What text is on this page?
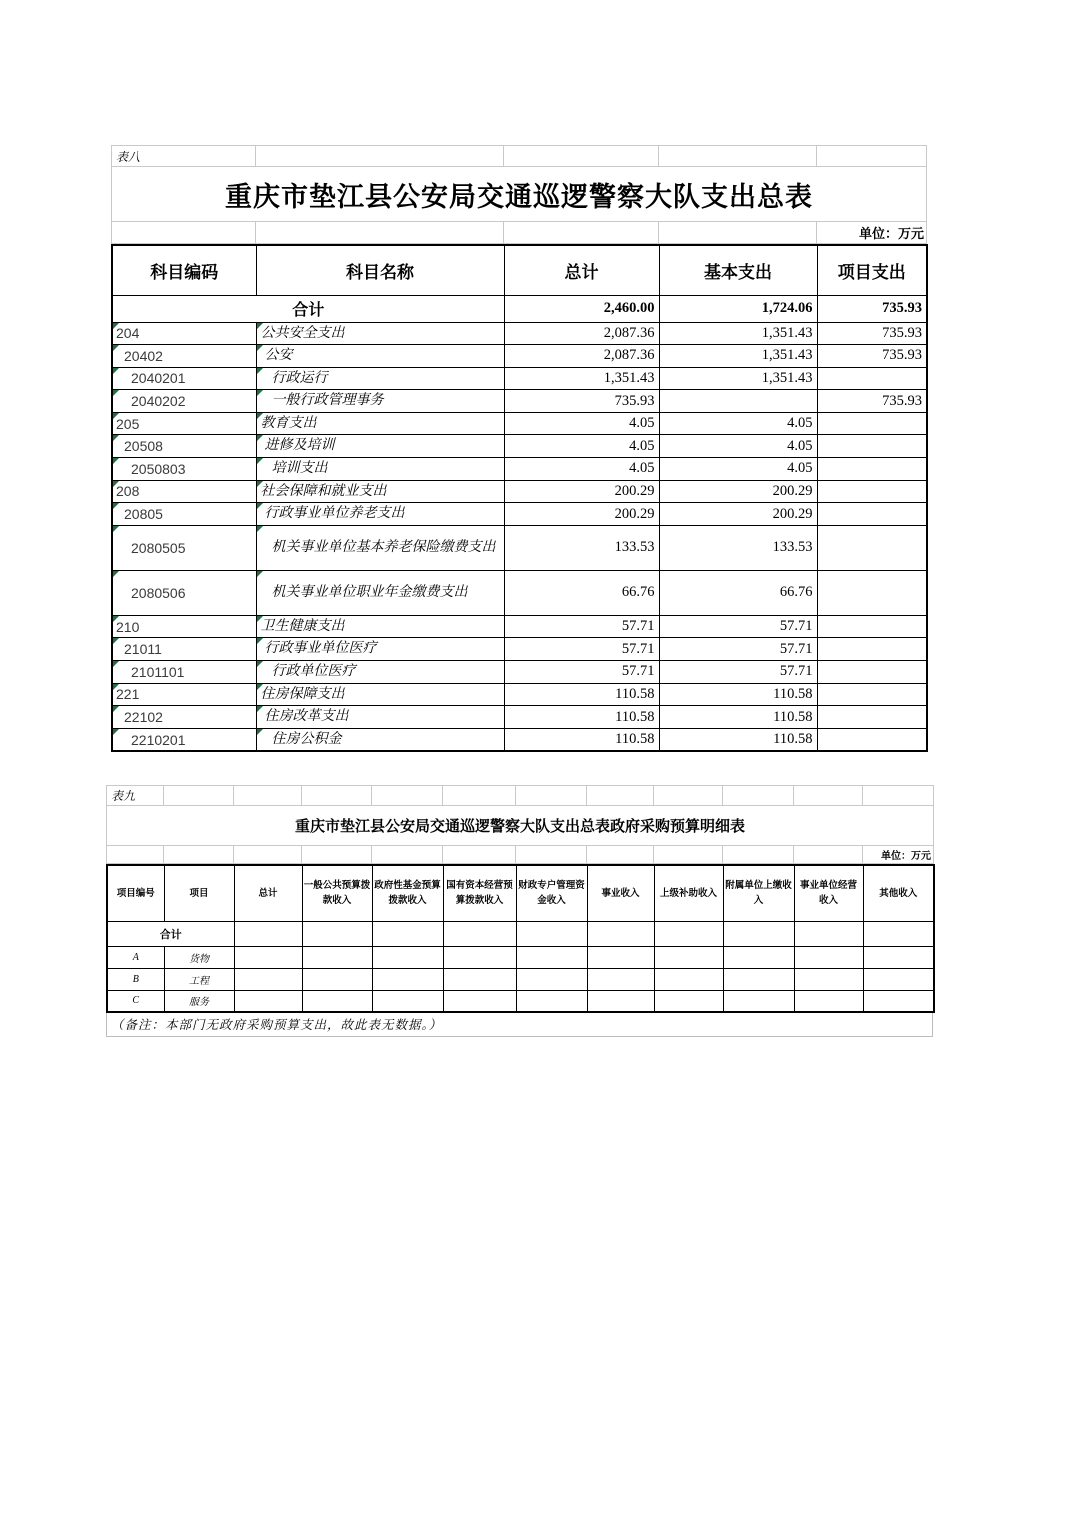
表八				
重庆市垫江县公安局交通巡逻警察大队支出总表				
				单位：万元
科目编码	科目名称	总计	基本支出	项目支出
合计		2,460.00	1,724.06	735.93
204	公共安全支出	2,087.36	1,351.43	735.93
20402	公安	2,087.36	1,351.43	735.93
2040201	行政运行	1,351.43	1,351.43	
2040202	一般行政管理事务	735.93		735.93
205	教育支出	4.05	4.05	
20508	进修及培训	4.05	4.05	
2050803	培训支出	4.05	4.05	
208	社会保障和就业支出	200.29	200.29	
20805	行政事业单位养老支出	200.29	200.29	
2080505	机关事业单位基本养老保险缴费支出	133.53	133.53	
2080506	机关事业单位职业年金缴费支出	66.76	66.76	
210	卫生健康支出	57.71	57.71	
21011	行政事业单位医疗	57.71	57.71	
2101101	行政单位医疗	57.71	57.71	
221	住房保障支出	110.58	110.58	
22102	住房改革支出	110.58	110.58	
2210201	住房公积金	110.58	110.58	
表九											
重庆市垫江县公安局交通巡逻警察大队支出总表政府采购预算明细表											
											单位：万元
项目编号	项目	总计	一般公共预算拨款收入	政府性基金预算拨款收入	国有资本经营预算拨款收入	财政专户管理资金收入	事业收入	上级补助收入	附属单位上缴收入	事业单位经营收入	其他收入
合计											
A	货物										
B	工程										
C	服务										
（备注：本部门无政府采购预算支出，故此表无数据。）
